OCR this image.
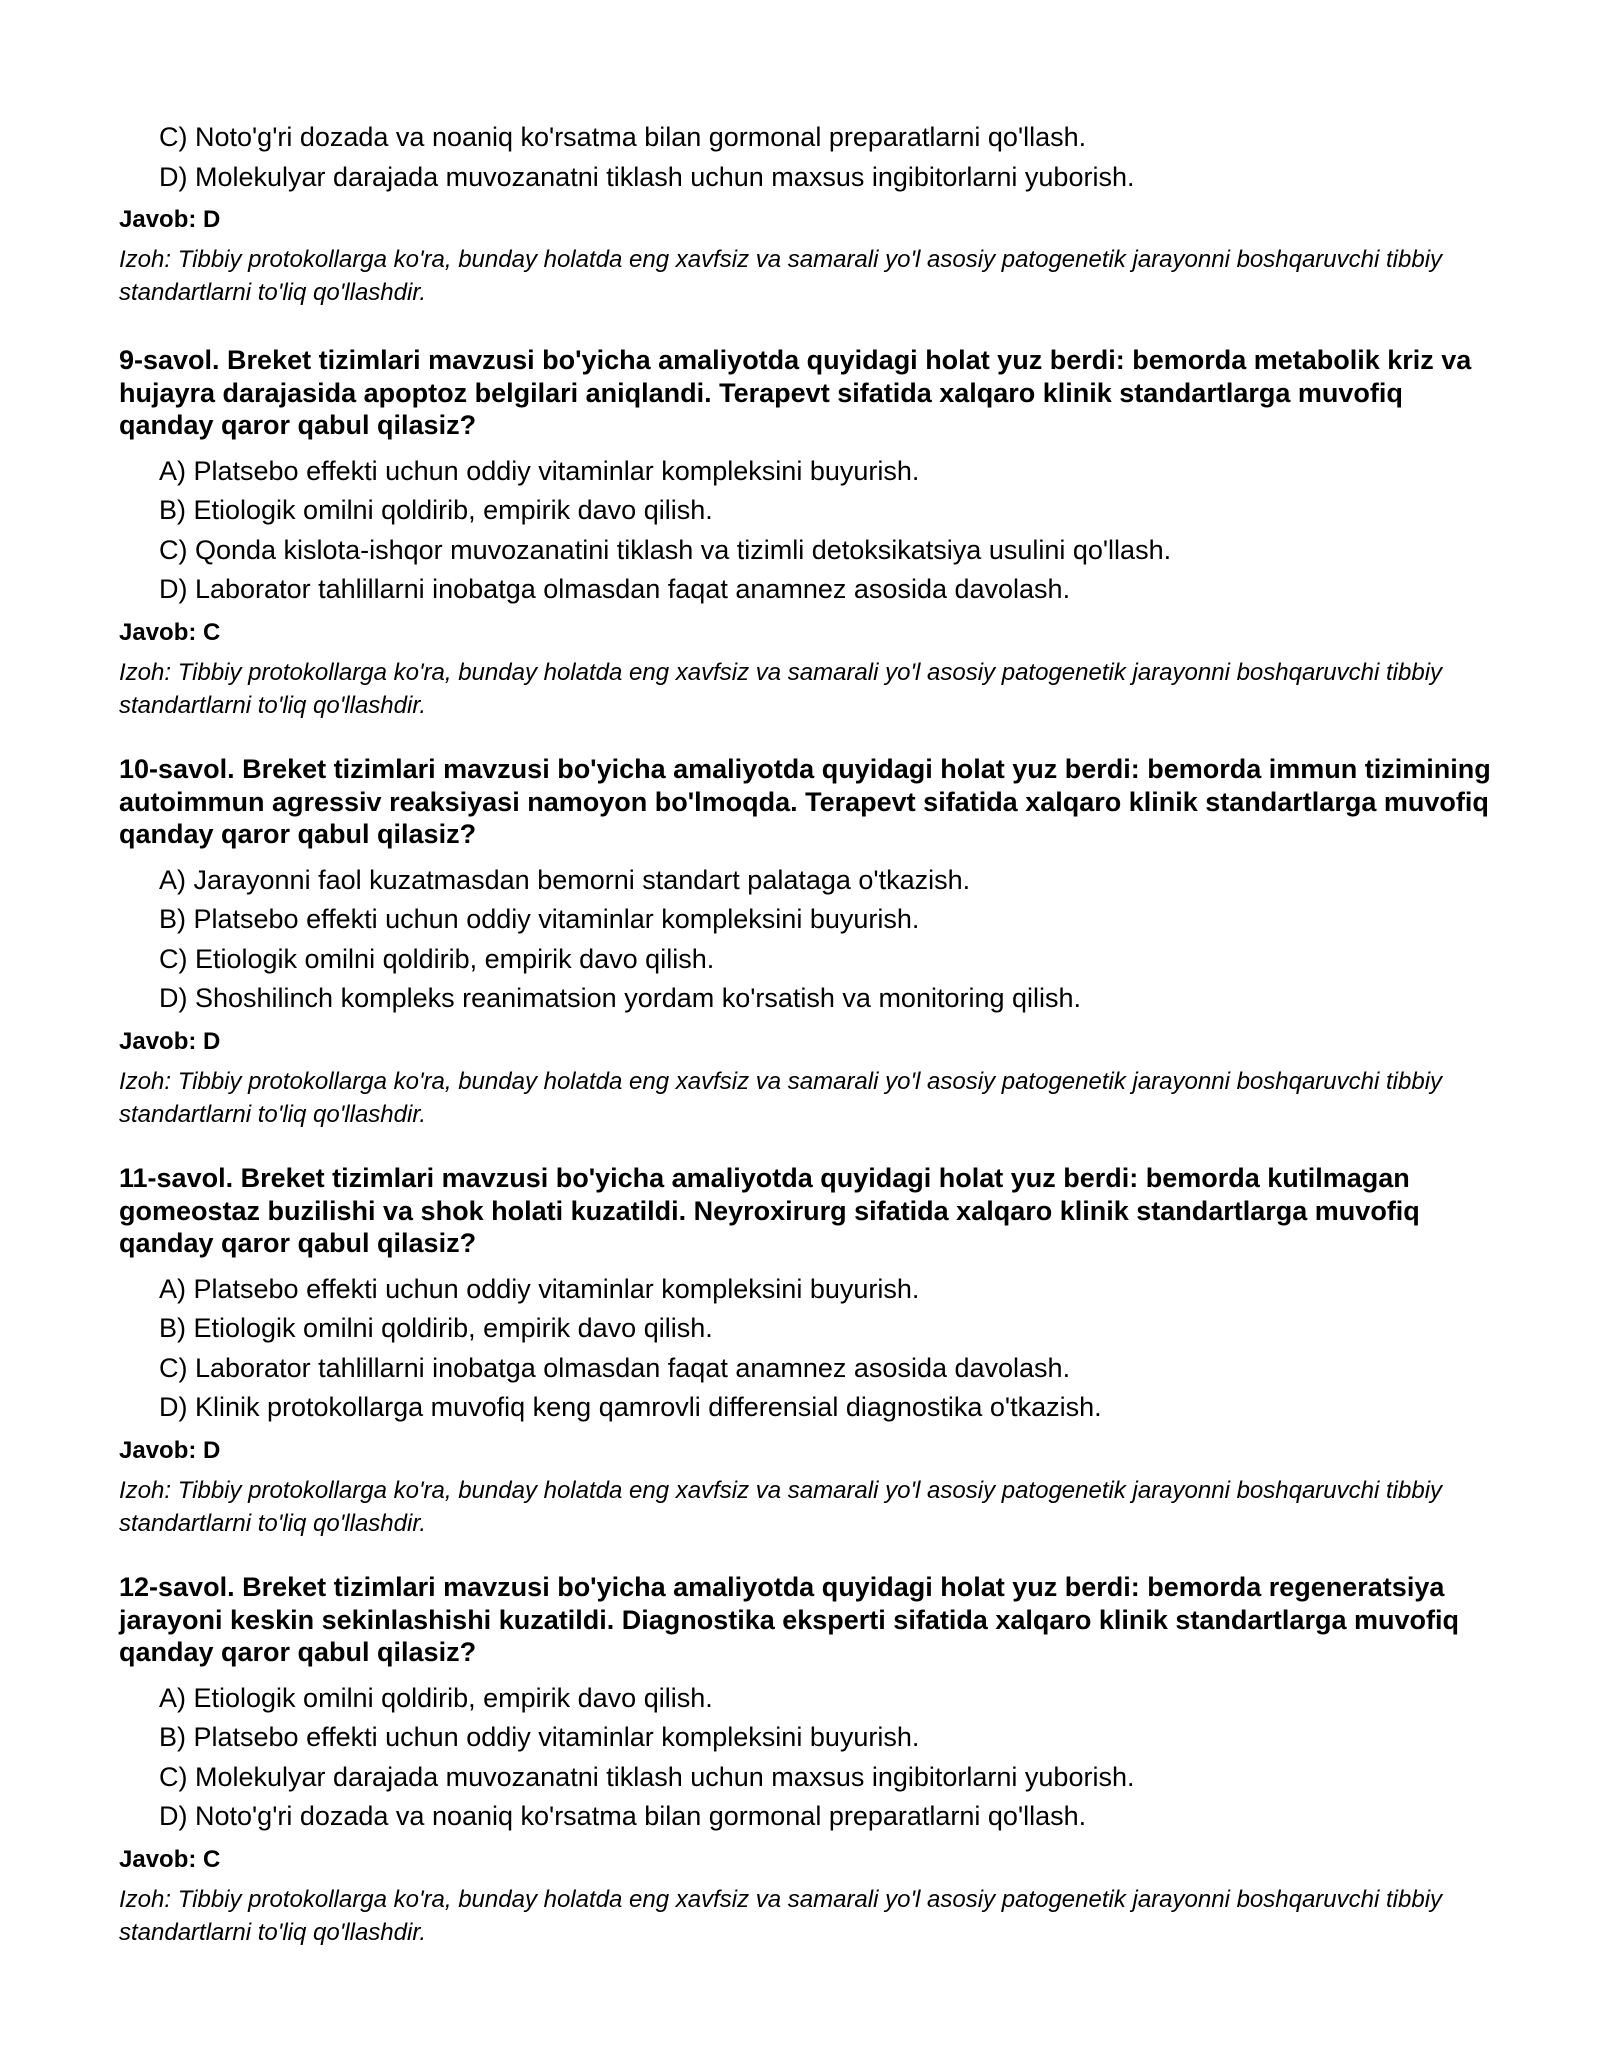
C) Noto'g'ri dozada va noaniq ko'rsatma bilan gormonal preparatlarni qo'llash.
D) Molekulyar darajada muvozanatni tiklash uchun maxsus ingibitorlarni yuborish.
Javob: D
Izoh: Tibbiy protokollarga ko'ra, bunday holatda eng xavfsiz va samarali yo'l asosiy patogenetik jarayonni boshqaruvchi tibbiy standartlarni to'liq qo'llashdir.
9-savol. Breket tizimlari mavzusi bo'yicha amaliyotda quyidagi holat yuz berdi: bemorda metabolik kriz va hujayra darajasida apoptoz belgilari aniqlandi. Terapevt sifatida xalqaro klinik standartlarga muvofiq qanday qaror qabul qilasiz?
A) Platsebo effekti uchun oddiy vitaminlar kompleksini buyurish.
B) Etiologik omilni qoldirib, empirik davo qilish.
C) Qonda kislota-ishqor muvozanatini tiklash va tizimli detoksikatsiya usulini qo'llash.
D) Laborator tahlillarni inobatga olmasdan faqat anamnez asosida davolash.
Javob: C
Izoh: Tibbiy protokollarga ko'ra, bunday holatda eng xavfsiz va samarali yo'l asosiy patogenetik jarayonni boshqaruvchi tibbiy standartlarni to'liq qo'llashdir.
10-savol. Breket tizimlari mavzusi bo'yicha amaliyotda quyidagi holat yuz berdi: bemorda immun tizimining autoimmun agressiv reaksiyasi namoyon bo'lmoqda. Terapevt sifatida xalqaro klinik standartlarga muvofiq qanday qaror qabul qilasiz?
A) Jarayonni faol kuzatmasdan bemorni standart palataga o'tkazish.
B) Platsebo effekti uchun oddiy vitaminlar kompleksini buyurish.
C) Etiologik omilni qoldirib, empirik davo qilish.
D) Shoshilinch kompleks reanimatsion yordam ko'rsatish va monitoring qilish.
Javob: D
Izoh: Tibbiy protokollarga ko'ra, bunday holatda eng xavfsiz va samarali yo'l asosiy patogenetik jarayonni boshqaruvchi tibbiy standartlarni to'liq qo'llashdir.
11-savol. Breket tizimlari mavzusi bo'yicha amaliyotda quyidagi holat yuz berdi: bemorda kutilmagan gomeostaz buzilishi va shok holati kuzatildi. Neyroxirurg sifatida xalqaro klinik standartlarga muvofiq qanday qaror qabul qilasiz?
A) Platsebo effekti uchun oddiy vitaminlar kompleksini buyurish.
B) Etiologik omilni qoldirib, empirik davo qilish.
C) Laborator tahlillarni inobatga olmasdan faqat anamnez asosida davolash.
D) Klinik protokollarga muvofiq keng qamrovli differensial diagnostika o'tkazish.
Javob: D
Izoh: Tibbiy protokollarga ko'ra, bunday holatda eng xavfsiz va samarali yo'l asosiy patogenetik jarayonni boshqaruvchi tibbiy standartlarni to'liq qo'llashdir.
12-savol. Breket tizimlari mavzusi bo'yicha amaliyotda quyidagi holat yuz berdi: bemorda regeneratsiya jarayoni keskin sekinlashishi kuzatildi. Diagnostika eksperti sifatida xalqaro klinik standartlarga muvofiq qanday qaror qabul qilasiz?
A) Etiologik omilni qoldirib, empirik davo qilish.
B) Platsebo effekti uchun oddiy vitaminlar kompleksini buyurish.
C) Molekulyar darajada muvozanatni tiklash uchun maxsus ingibitorlarni yuborish.
D) Noto'g'ri dozada va noaniq ko'rsatma bilan gormonal preparatlarni qo'llash.
Javob: C
Izoh: Tibbiy protokollarga ko'ra, bunday holatda eng xavfsiz va samarali yo'l asosiy patogenetik jarayonni boshqaruvchi tibbiy standartlarni to'liq qo'llashdir.
